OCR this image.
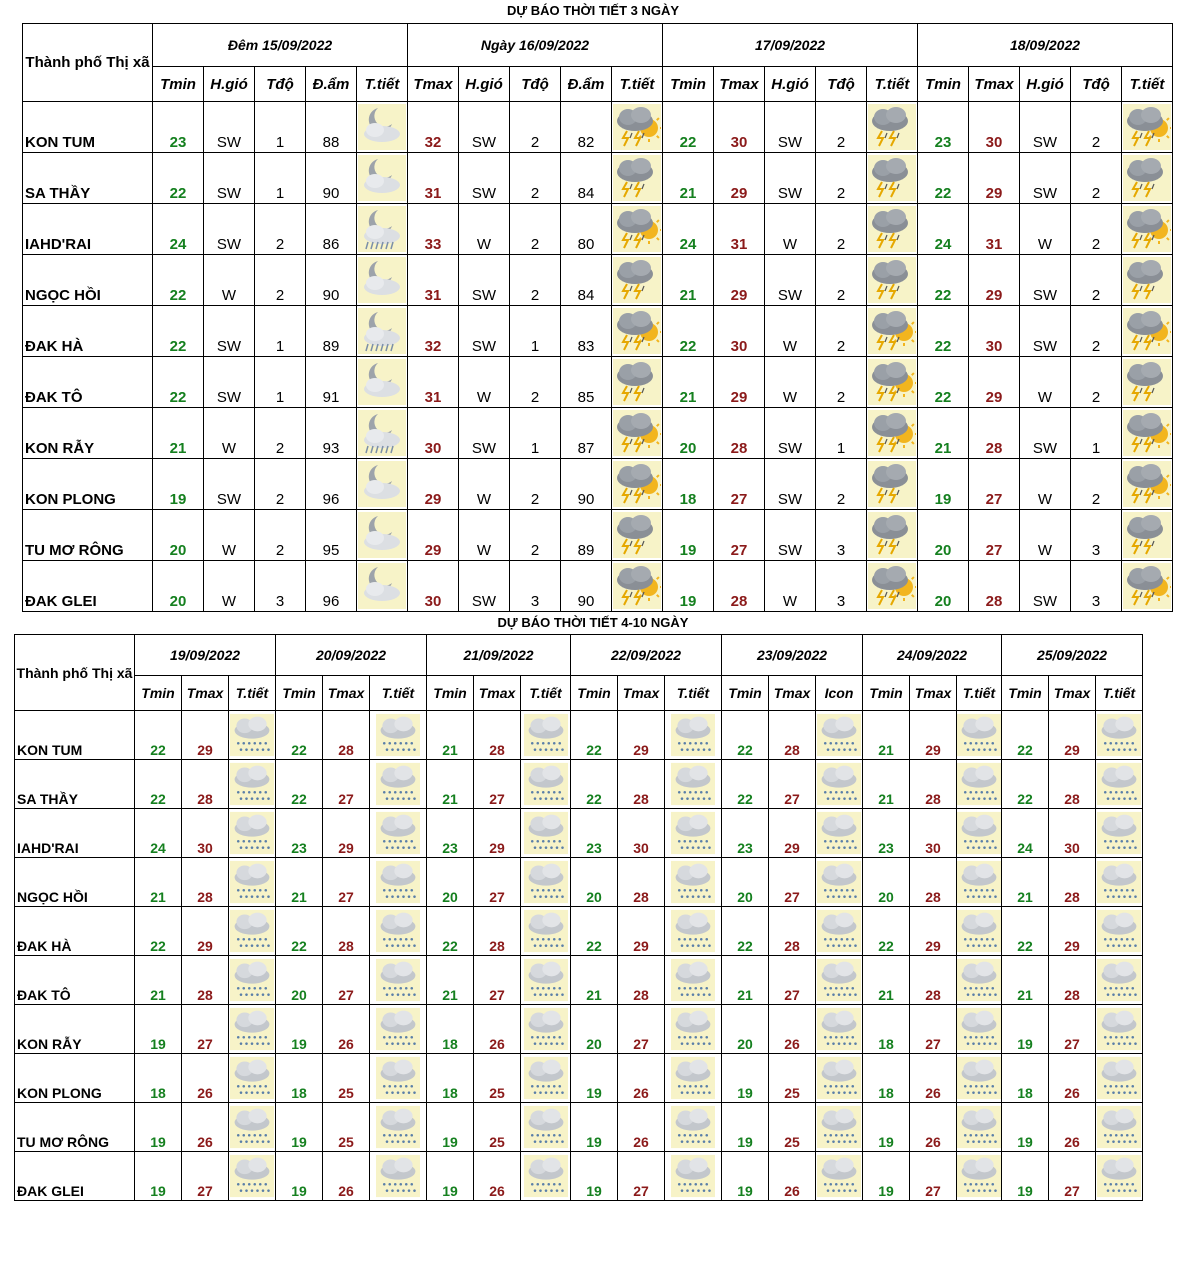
DỰ BÁO THỜI TIẾT 3 NGÀY
Thành phố Thị xã	Đêm 15/09/2022					Ngày 16/09/2022					17/09/2022					18/09/2022				
	Tmin	H.gió	Tđộ	Đ.ẩm	T.tiết	Tmax	H.gió	Tđộ	Đ.ẩm	T.tiết	Tmin	Tmax	H.gió	Tđộ	T.tiết	Tmin	Tmax	H.gió	Tđộ	T.tiết
KON TUM	23	SW	1	88		32	SW	2	82		22	30	SW	2		23	30	SW	2	

SA THẦY	22	SW	1	90		31	SW	2	84		21	29	SW	2		22	29	SW	2	

IAHD'RAI	24	SW	2	86		33	W	2	80		24	31	W	2		24	31	W	2	

NGỌC HỒI	22	W	2	90		31	SW	2	84		21	29	SW	2		22	29	SW	2	

ĐAK HÀ	22	SW	1	89		32	SW	1	83		22	30	W	2		22	30	SW	2	

ĐAK TÔ	22	SW	1	91		31	W	2	85		21	29	W	2		22	29	W	2	

KON RẪY	21	W	2	93		30	SW	1	87		20	28	SW	1		21	28	SW	1	

KON PLONG	19	SW	2	96		29	W	2	90		18	27	SW	2		19	27	W	2	

TU MƠ RÔNG	20	W	2	95		29	W	2	89		19	27	SW	3		20	27	W	3	

ĐAK GLEI	20	W	3	96		30	SW	3	90		19	28	W	3		20	28	SW	3	
DỰ BÁO THỜI TIẾT 4-10 NGÀY
Thành phố Thị xã	19/09/2022			20/09/2022			21/09/2022			22/09/2022			23/09/2022			24/09/2022			25/09/2022		
	Tmin	Tmax	T.tiết	Tmin	Tmax	T.tiết	Tmin	Tmax	T.tiết	Tmin	Tmax	T.tiết	Tmin	Tmax	Icon	Tmin	Tmax	T.tiết	Tmin	Tmax	T.tiết
KON TUM	22	29		22	28		21	28		22	29		22	28		21	29		22	29	

SA THẦY	22	28		22	27		21	27		22	28		22	27		21	28		22	28	

IAHD'RAI	24	30		23	29		23	29		23	30		23	29		23	30		24	30	

NGỌC HỒI	21	28		21	27		20	27		20	28		20	27		20	28		21	28	

ĐAK HÀ	22	29		22	28		22	28		22	29		22	28		22	29		22	29	

ĐAK TÔ	21	28		20	27		21	27		21	28		21	27		21	28		21	28	

KON RẪY	19	27		19	26		18	26		20	27		20	26		18	27		19	27	

KON PLONG	18	26		18	25		18	25		19	26		19	25		18	26		18	26	

TU MƠ RÔNG	19	26		19	25		19	25		19	26		19	25		19	26		19	26	

ĐAK GLEI	19	27		19	26		19	26		19	27		19	26		19	27		19	27	
